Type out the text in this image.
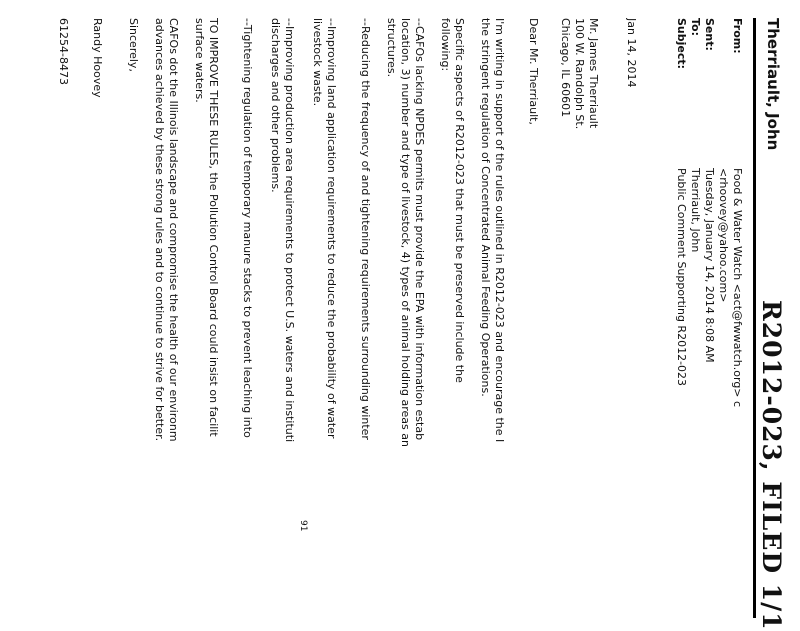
R2012-023, FILED 1/1
Therriault, John
From:
Food & Water Watch <act@fwwatch.org> c
<rhoovey@yahoo.com>
Sent:
Tuesday, January 14, 2014 8:08 AM
To:
Therriault, John
Subject:
Public Comment Supporting R2012-023
Jan 14, 2014
Mr. James Therriault
100 W. Randolph St.
Chicago, IL 60601
Dear Mr. Therriault,
I'm writing in support of the rules outlined in R2012-023 and encourage the I
the stringent regulation of Concentrated Animal Feeding Operations.
Specific aspects of R2012-023 that must be preserved include the
following:
--CAFOs lacking NPDES permits must provide the EPA with information estab
location, 3) number and type of livestock, 4) types of animal holding areas an
structures.
--Reducing the frequency of and tightening requirements surrounding winter
--Improving land application requirements to reduce the probability of water
livestock waste.
--Improving production area requirements to protect U.S. waters and instituti
discharges and other problems.
--Tightening regulation of temporary manure stacks to prevent leaching into
TO IMPROVE THESE RULES, the Pollution Control Board could insist on facilit
surface waters.
CAFOs dot the Illinois landscape and compromise the health of our environm
advances achieved by these strong rules and to continue to strive for better.
Sincerely,
Randy Hoovey
61254-8473
91
